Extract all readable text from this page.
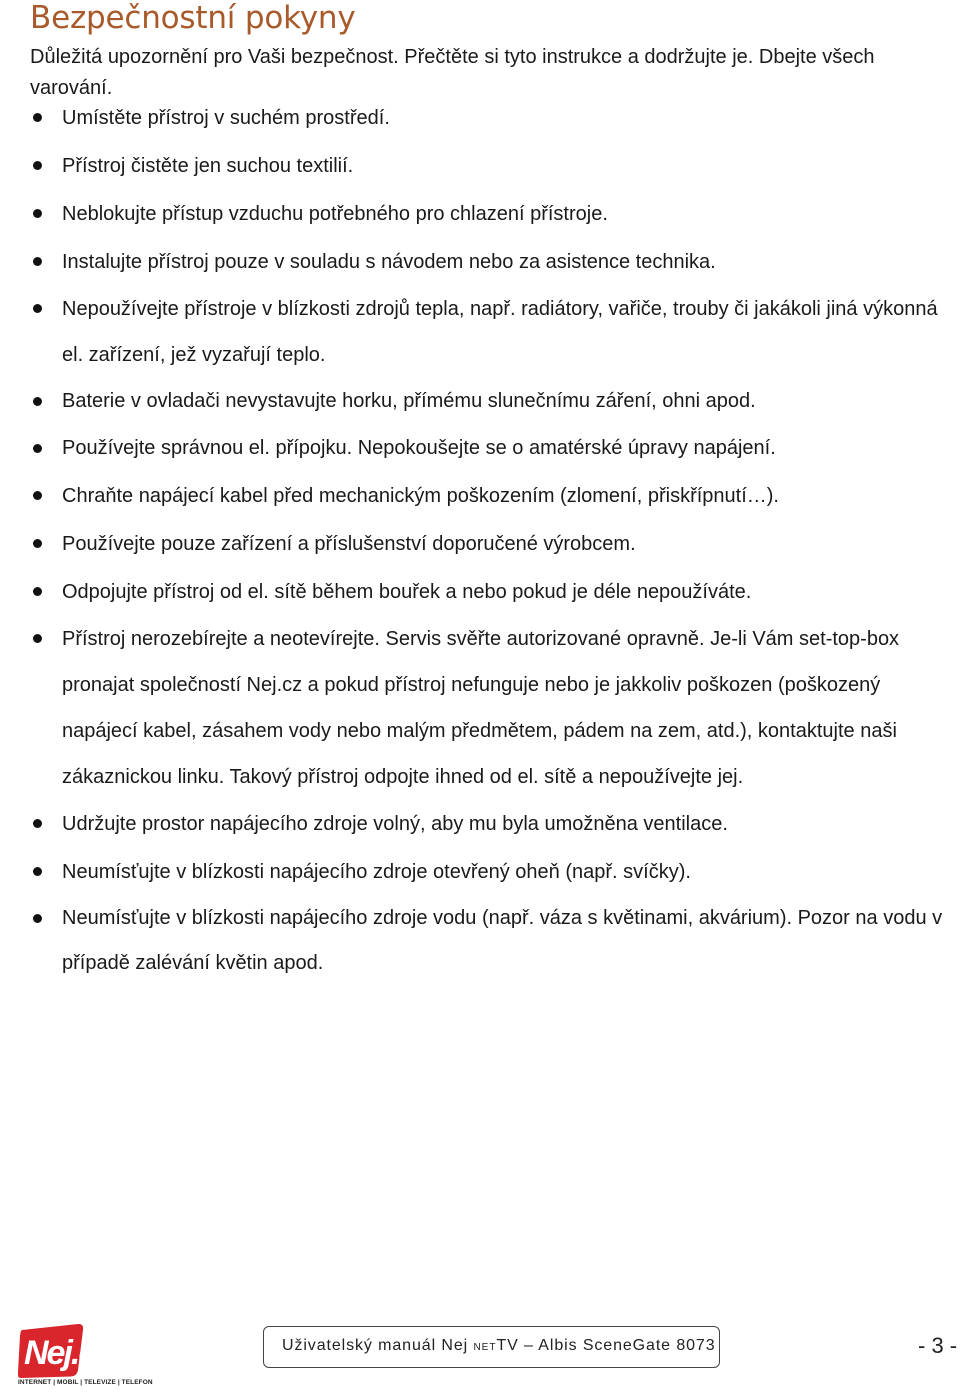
Bezpečnostní pokyny
Důležitá upozornění pro Vaši bezpečnost. Přečtěte si tyto instrukce a dodržujte je. Dbejte všech varování.
Umístěte přístroj v suchém prostředí.
Přístroj čistěte jen suchou textilií.
Neblokujte přístup vzduchu potřebného pro chlazení přístroje.
Instalujte přístroj pouze v souladu s návodem nebo za asistence technika.
Nepoužívejte přístroje v blízkosti zdrojů tepla, např. radiátory, vařiče, trouby či jakákoli jiná výkonná el. zařízení, jež vyzařují teplo.
Baterie v ovladači nevystavujte horku, přímému slunečnímu záření, ohni apod.
Používejte správnou el. přípojku. Nepokoušejte se o amatérské úpravy napájení.
Chraňte napájecí kabel před mechanickým poškozením (zlomení, přiskřípnutí…).
Používejte pouze zařízení a příslušenství doporučené výrobcem.
Odpojujte přístroj od el. sítě během bouřek a nebo pokud je déle nepoužíváte.
Přístroj nerozebírejte a neotevírejte. Servis svěřte autorizované opravně. Je-li Vám set-top-box pronajat společností Nej.cz a pokud přístroj nefunguje nebo je jakkoliv poškozen (poškozený napájecí kabel, zásahem vody nebo malým předmětem, pádem na zem, atd.), kontaktujte naši zákaznickou linku. Takový přístroj odpojte ihned od el. sítě a nepoužívejte jej.
Udržujte prostor napájecího zdroje volný, aby mu byla umožněna ventilace.
Neumísťujte v blízkosti napájecího zdroje otevřený oheň (např. svíčky).
Neumísťujte v blízkosti napájecího zdroje vodu (např. váza s květinami, akvárium). Pozor na vodu v případě zalévání květin apod.
Nej.cz
INTERNET | MOBIL | TELEVIZE | TELEFON
Uživatelský manuál Nej NETTV – Albis SceneGate 8073	- 3 -
